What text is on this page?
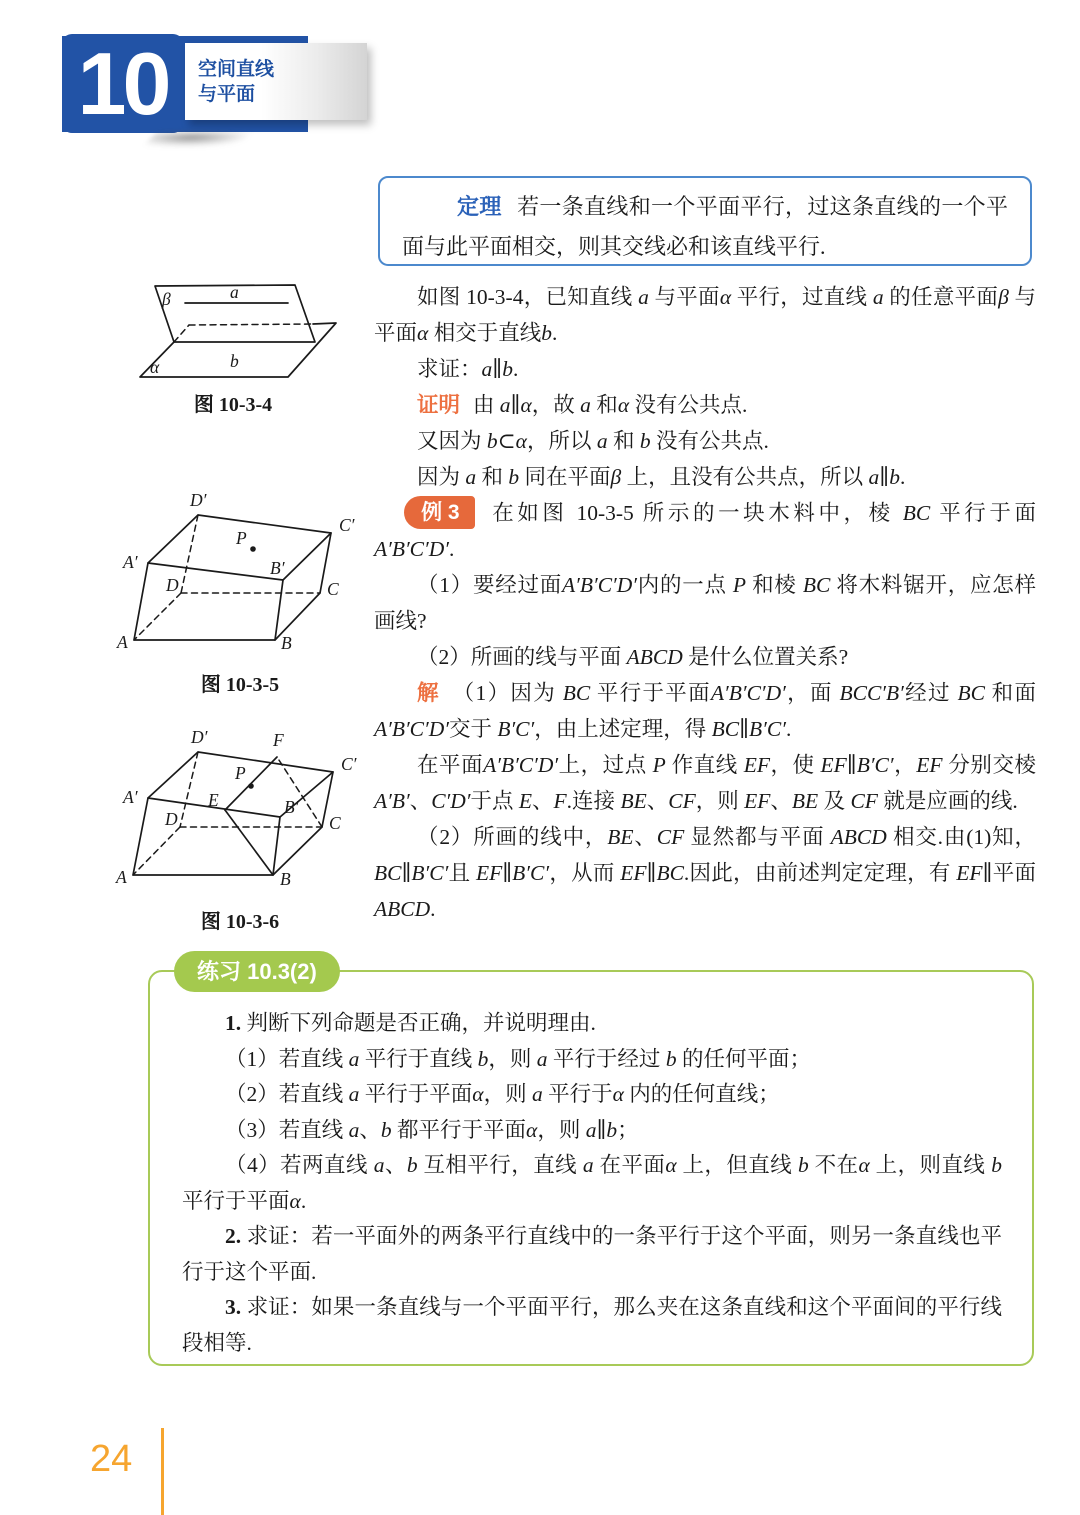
10	空间直线
与平面

定理 若一条直线和一个平面平行，过这条直线的一个平面与此平面相交，则其交线必和该直线平行.

β	a
b
α
图 10-3-4
D′
C′
A′	B′
D	C
A	B
P
图 10-3-5
D′	F
C′
A′	E
P
B′
D	C
A	B
图 10-3-6

如图 10-3-4，已知直线 a 与平面α 平行，过直线 a 的任意平面β 与平面α 相交于直线b.

求证：a∥b.

证明 由 a∥α，故 a 和α 没有公共点.

又因为 b⊂α，所以 a 和 b 没有公共点.

因为 a 和 b 同在平面β 上，且没有公共点，所以 a∥b.

例 3 在如图 10-3-5 所示的一块木料中，棱 BC 平行于面A′B′C′D′.

（1）要经过面A′B′C′D′内的一点 P 和棱 BC 将木料锯开，应怎样画线?

（2）所画的线与平面 ABCD 是什么位置关系?

解 （1）因为 BC 平行于平面A′B′C′D′，面 BCC′B′经过 BC 和面A′B′C′D′交于 B′C′，由上述定理，得 BC∥B′C′.

在平面A′B′C′D′上，过点 P 作直线 EF，使 EF∥B′C′，EF 分别交棱 A′B′、C′D′于点 E、F.连接 BE、CF，则 EF、BE 及 CF 就是应画的线.

（2）所画的线中，BE、CF 显然都与平面 ABCD 相交.由(1)知，BC∥B′C′且 EF∥B′C′，从而 EF∥BC.因此，由前述判定定理，有 EF∥平面 ABCD.

练习 10.3(2)

1. 判断下列命题是否正确，并说明理由.

（1）若直线 a 平行于直线 b，则 a 平行于经过 b 的任何平面；

（2）若直线 a 平行于平面α，则 a 平行于α 内的任何直线；

（3）若直线 a、b 都平行于平面α，则 a∥b；

（4）若两直线 a、b 互相平行，直线 a 在平面α 上，但直线 b 不在α 上，则直线 b 平行于平面α.

2. 求证：若一平面外的两条平行直线中的一条平行于这个平面，则另一条直线也平行于这个平面.

3. 求证：如果一条直线与一个平面平行，那么夹在这条直线和这个平面间的平行线段相等.

24
